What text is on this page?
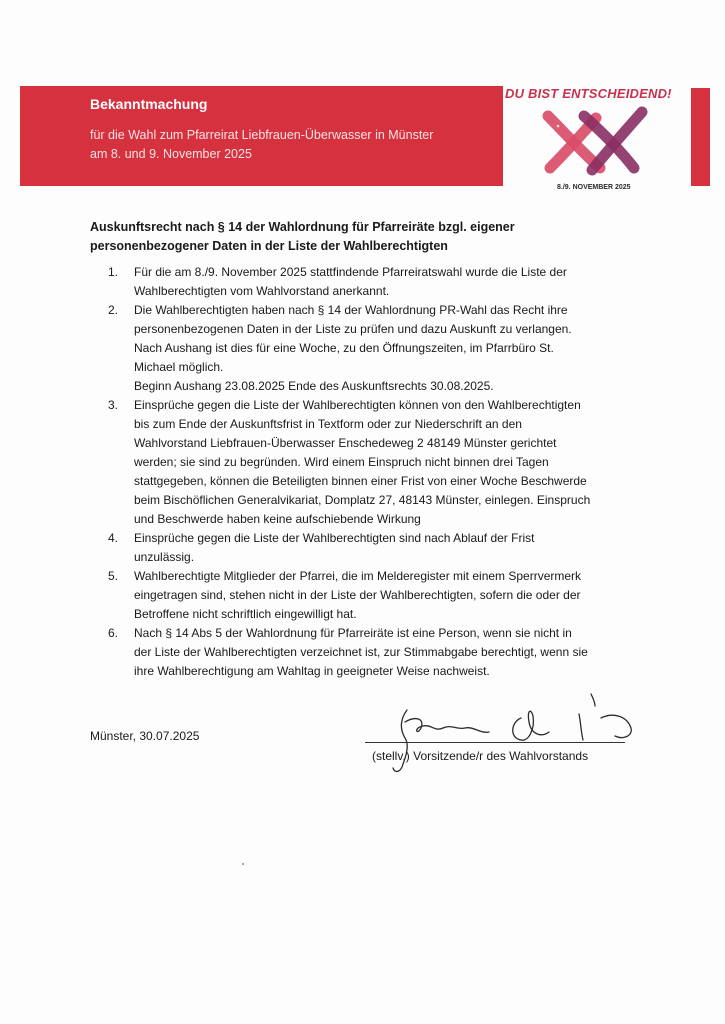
Bekanntmachung
für die Wahl zum Pfarreirat Liebfrauen-Überwasser in Münster
am 8. und 9. November 2025
DU BIST ENTSCHEIDEND!
8./9. NOVEMBER 2025
Auskunftsrecht nach § 14 der Wahlordnung für Pfarreiräte bzgl. eigener
personenbezogener Daten in der Liste der Wahlberechtigten
1. Für die am 8./9. November 2025 stattfindende Pfarreiratswahl wurde die Liste der
Wahlberechtigten vom Wahlvorstand anerkannt.
2. Die Wahlberechtigten haben nach § 14 der Wahlordnung PR-Wahl das Recht ihre
personenbezogenen Daten in der Liste zu prüfen und dazu Auskunft zu verlangen.
Nach Aushang ist dies für eine Woche, zu den Öffnungszeiten, im Pfarrbüro St.
Michael möglich.
Beginn Aushang 23.08.2025 Ende des Auskunftsrechts 30.08.2025.
3. Einsprüche gegen die Liste der Wahlberechtigten können von den Wahlberechtigten
bis zum Ende der Auskunftsfrist in Textform oder zur Niederschrift an den
Wahlvorstand Liebfrauen-Überwasser Enschedeweg 2 48149 Münster gerichtet
werden; sie sind zu begründen. Wird einem Einspruch nicht binnen drei Tagen
stattgegeben, können die Beteiligten binnen einer Frist von einer Woche Beschwerde
beim Bischöflichen Generalvikariat, Domplatz 27, 48143 Münster, einlegen. Einspruch
und Beschwerde haben keine aufschiebende Wirkung
4. Einsprüche gegen die Liste der Wahlberechtigten sind nach Ablauf der Frist
unzulässig.
5. Wahlberechtigte Mitglieder der Pfarrei, die im Melderegister mit einem Sperrvermerk
eingetragen sind, stehen nicht in der Liste der Wahlberechtigten, sofern die oder der
Betroffene nicht schriftlich eingewilligt hat.
6. Nach § 14 Abs 5 der Wahlordnung für Pfarreiräte ist eine Person, wenn sie nicht in
der Liste der Wahlberechtigten verzeichnet ist, zur Stimmabgabe berechtigt, wenn sie
ihre Wahlberechtigung am Wahltag in geeigneter Weise nachweist.
Münster, 30.07.2025
(stellv.) Vorsitzende/r des Wahlvorstands
